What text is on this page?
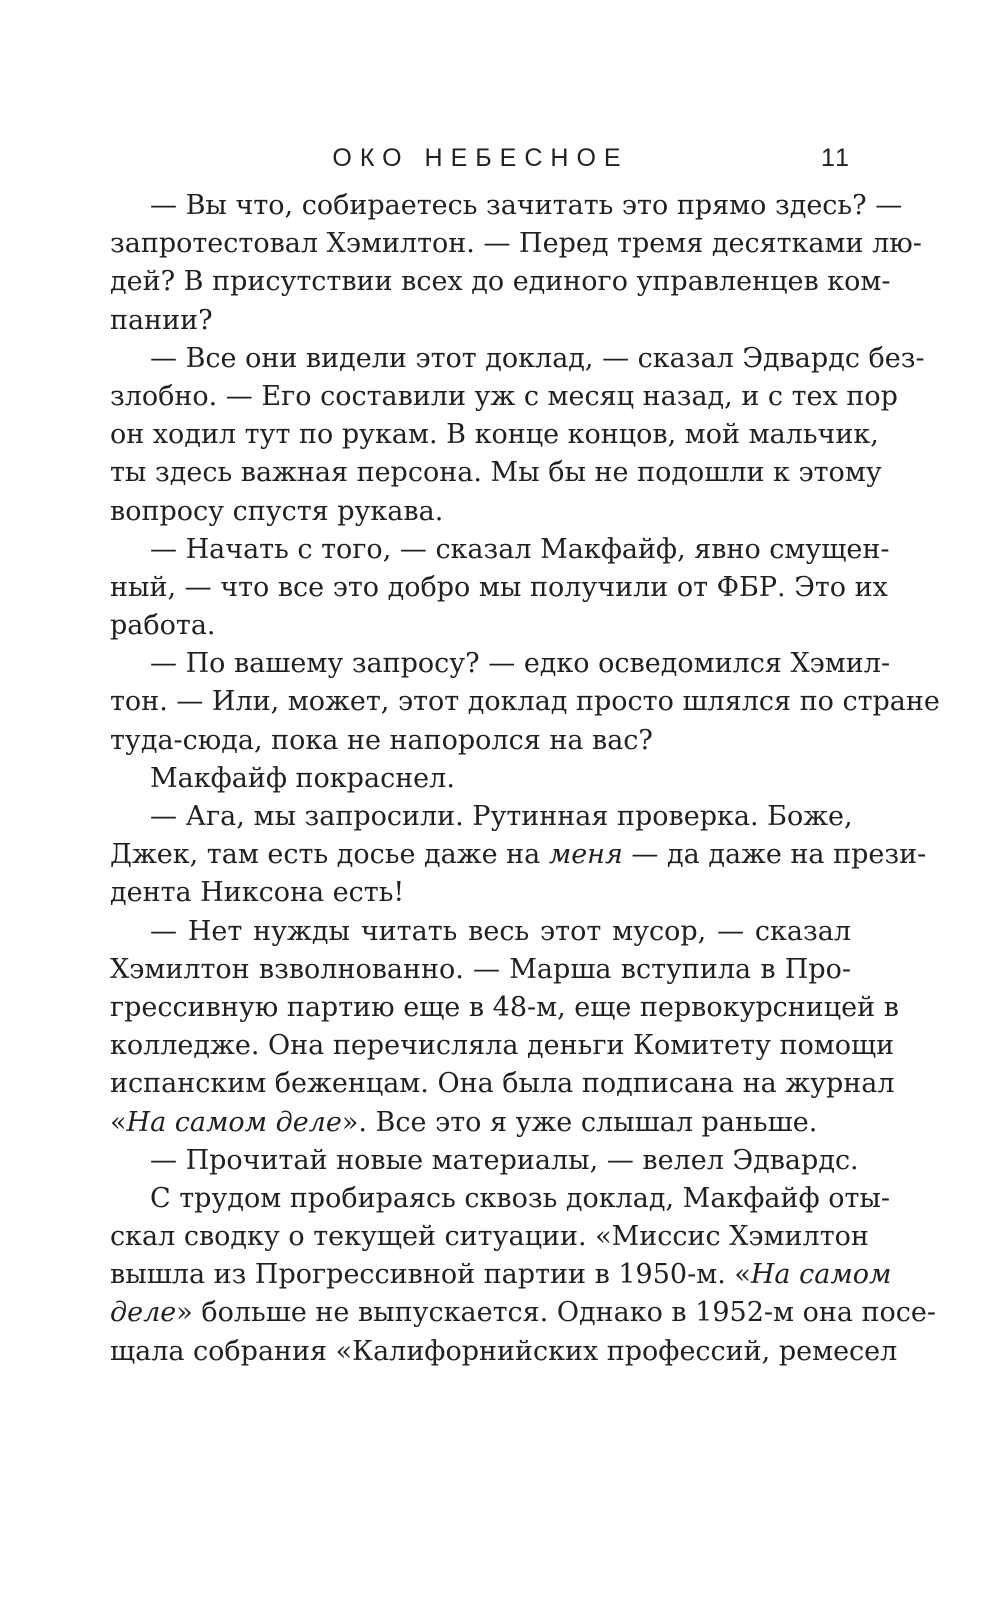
ОКО НЕБЕСНОЕ	11
— Вы что, собираетесь зачитать это прямо здесь? —
запротестовал Хэмилтон. — Перед тремя десятками лю-
дей? В присутствии всех до единого управленцев ком-
пании?
— Все они видели этот доклад, — сказал Эдвардс без-
злобно. — Его составили уж с месяц назад, и с тех пор
он ходил тут по рукам. В конце концов, мой мальчик,
ты здесь важная персона. Мы бы не подошли к этому
вопросу спустя рукава.
— Начать с того, — сказал Макфайф, явно смущен-
ный, — что все это добро мы получили от ФБР. Это их
работа.
— По вашему запросу? — едко осведомился Хэмил-
тон. — Или, может, этот доклад просто шлялся по стране
туда-сюда, пока не напоролся на вас?
Макфайф покраснел.
— Ага, мы запросили. Рутинная проверка. Боже,
Джек, там есть досье даже на меня — да даже на прези-
дента Никсона есть!
— Нет нужды читать весь этот мусор, — сказал
Хэмилтон взволнованно. — Марша вступила в Про-
грессивную партию еще в 48-м, еще первокурсницей в
колледже. Она перечисляла деньги Комитету помощи
испанским беженцам. Она была подписана на журнал
«На самом деле». Все это я уже слышал раньше.
— Прочитай новые материалы, — велел Эдвардс.
С трудом пробираясь сквозь доклад, Макфайф оты-
скал сводку о текущей ситуации. «Миссис Хэмилтон
вышла из Прогрессивной партии в 1950-м. «На самом
деле» больше не выпускается. Однако в 1952-м она посе-
щала собрания «Калифорнийских профессий, ремесел
